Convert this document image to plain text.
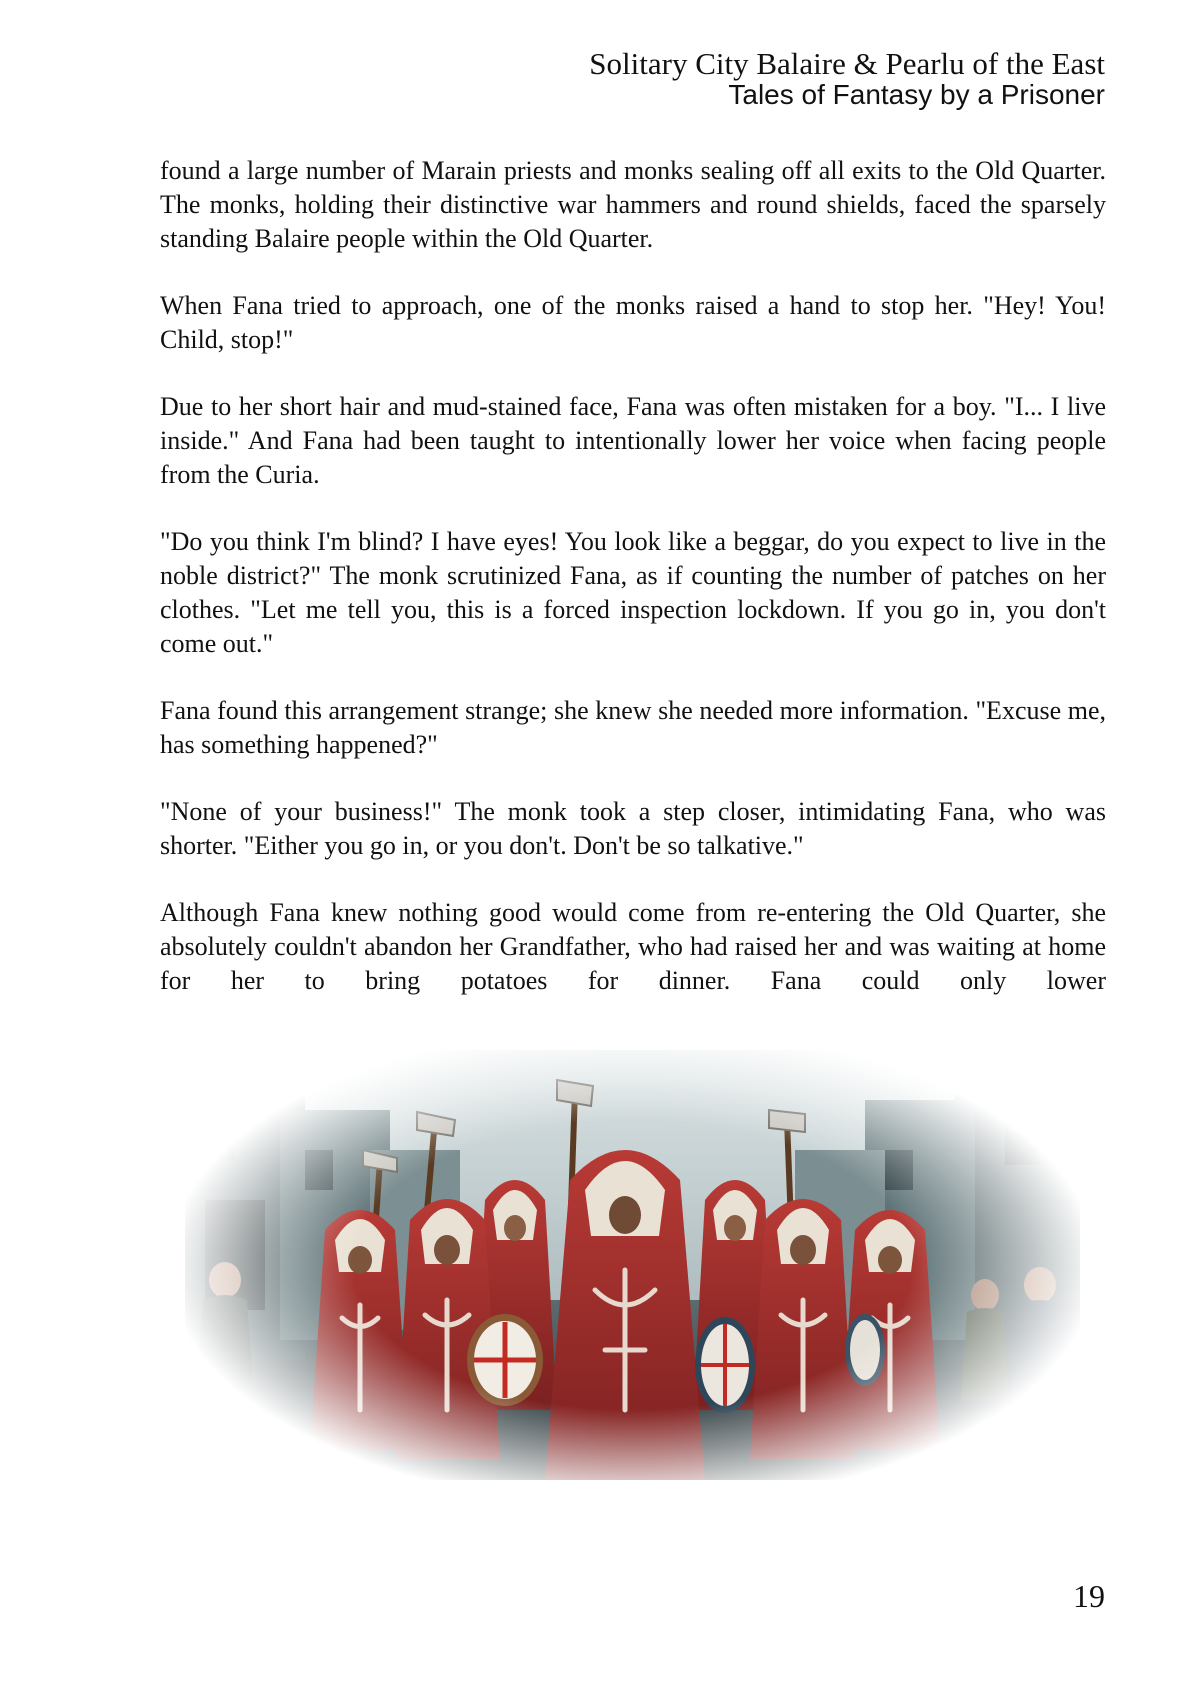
Solitary City Balaire & Pearlu of the East
Tales of Fantasy by a Prisoner

found a large number of Marain priests and monks sealing off all exits to the Old Quarter. The monks, holding their distinctive war hammers and round shields, faced the sparsely standing Balaire people within the Old Quarter.

When Fana tried to approach, one of the monks raised a hand to stop her. "Hey! You! Child, stop!"

Due to her short hair and mud-stained face, Fana was often mistaken for a boy. "I... I live inside." And Fana had been taught to intentionally lower her voice when facing people from the Curia.

"Do you think I'm blind? I have eyes! You look like a beggar, do you expect to live in the noble district?" The monk scrutinized Fana, as if counting the number of patches on her clothes. "Let me tell you, this is a forced inspection lockdown. If you go in, you don't come out."

Fana found this arrangement strange; she knew she needed more information. "Excuse me, has something happened?"

"None of your business!" The monk took a step closer, intimidating Fana, who was shorter. "Either you go in, or you don't. Don't be so talkative."

Although Fana knew nothing good would come from re-entering the Old Quarter, she absolutely couldn't abandon her Grandfather, who had raised her and was waiting at home for her to bring potatoes for dinner. Fana could only lower

19
